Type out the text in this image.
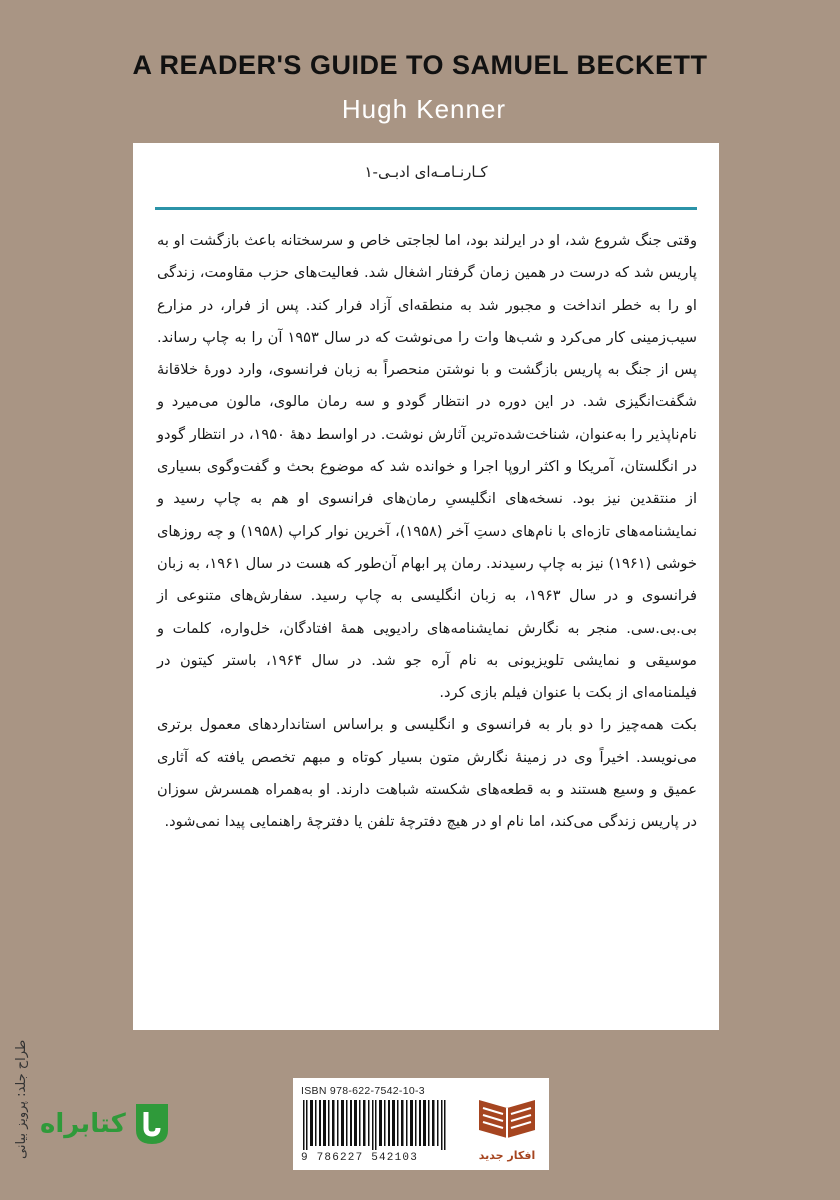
A READER'S GUIDE TO SAMUEL BECKETT
Hugh Kenner
کـارنـامـه‌ای ادبـی-۱

وقتی جنگ شروع شد، او در ایرلند بود، اما لجاجتی خاص و سرسختانه باعث بازگشت او به پاریس شد که درست در همین زمان گرفتار اشغال شد. فعالیت‌های حزب مقاومت، زندگی او را به خطر انداخت و مجبور شد به منطقه‌ای آزاد فرار کند. پس از فرار، در مزارع سیب‌زمینی کار می‌کرد و شب‌ها وات را می‌نوشت که در سال ۱۹۵۳ آن را به چاپ رساند. پس از جنگ به پاریس بازگشت و با نوشتن منحصراً به زبان فرانسوی، وارد دورهٔ خلاقانهٔ شگفت‌انگیزی شد. در این دوره در انتظار گودو و سه رمان مالوی، مالون می‌میرد و نام‌ناپذیر را به‌عنوان، شناخت‌شده‌ترین آثارش نوشت. در اواسط دههٔ ۱۹۵۰، در انتظار گودو در انگلستان، آمریکا و اکثر اروپا اجرا و خوانده شد که موضوع بحث و گفت‌وگوی بسیاری از منتقدین نیز بود. نسخه‌های انگلیسیِ رمان‌های فرانسوی او هم به چاپ رسید و نمایشنامه‌های تازه‌ای با نام‌های دستِ آخر (۱۹۵۸)، آخرین نوار کراپ (۱۹۵۸) و چه روزهای خوشی (۱۹۶۱) نیز به چاپ رسیدند. رمان پر ابهام آن‌طور که هست در سال ۱۹۶۱، به زبان فرانسوی و در سال ۱۹۶۳، به زبان انگلیسی به چاپ رسید. سفارش‌های متنوعی از بی.بی.سی. منجر به نگارش نمایشنامه‌های رادیویی همهٔ افتادگان، خل‌واره، کلمات و موسیقی و نمایشی تلویزیونی به نام آره جو شد. در سال ۱۹۶۴، باستر کیتون در فیلمنامه‌ای از بکت با عنوان فیلم بازی کرد.

بکت همه‌چیز را دو بار به فرانسوی و انگلیسی و براساس استانداردهای معمول برتری می‌نویسد. اخیراً وی در زمینهٔ نگارش متون بسیار کوتاه و مبهم تخصص یافته که آثاری عمیق و وسیع هستند و به قطعه‌های شکسته شباهت دارند. او به‌همراه همسرش سوزان در پاریس زندگی می‌کند، اما نام او در هیچ دفترچهٔ تلفن یا دفترچهٔ راهنمایی پیدا نمی‌شود.

ISBN 978-622-7542-10-3
9 786227 542103	افکار جدید
طراح جلد: پرویز بیانی کتابراه
